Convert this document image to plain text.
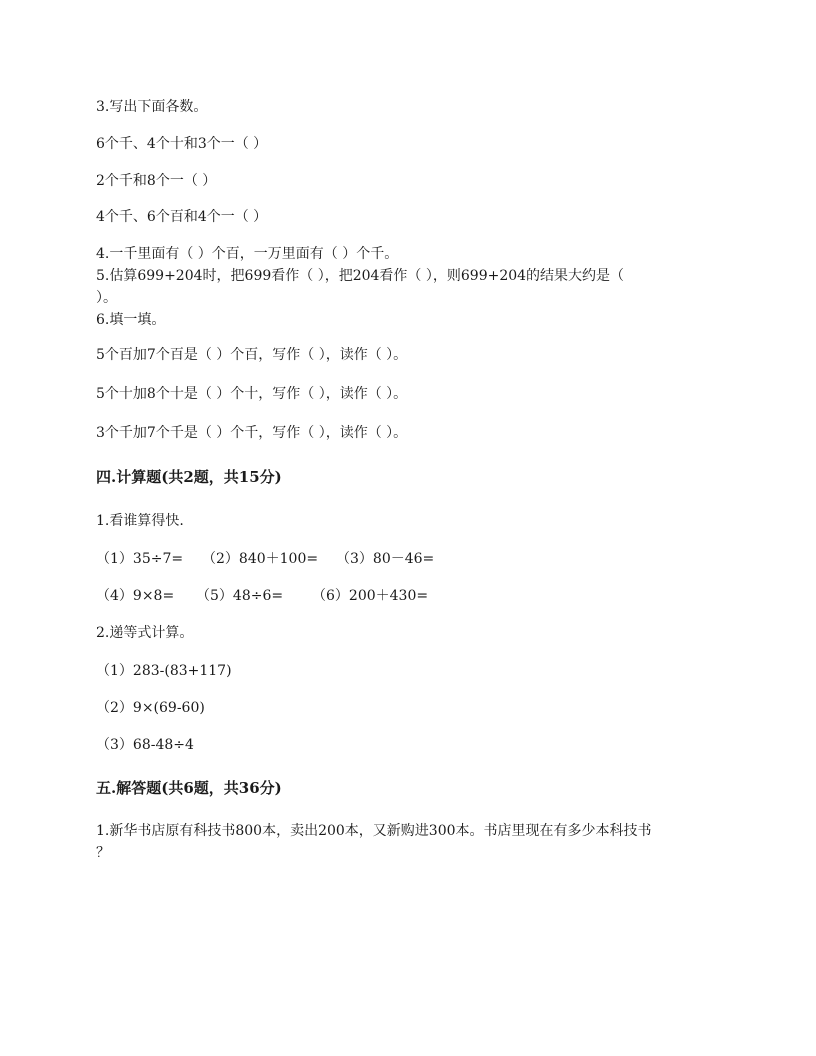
3.写出下面各数。
6个千、4个十和3个一（ ）
2个千和8个一（ ）
4个千、6个百和4个一（ ）
4.一千里面有（ ）个百，一万里面有（ ）个千。
5.估算699+204时，把699看作（ ），把204看作（ ），则699+204的结果大约是（
）。
6.填一填。
5个百加7个百是（ ）个百，写作（ ），读作（ ）。
5个十加8个十是（ ）个十，写作（ ），读作（ ）。
3个千加7个千是（ ）个千，写作（ ），读作（ ）。
四.计算题(共2题，共15分)
1.看谁算得快.
（1）35÷7= （2）840＋100= （3）80－46=
（4）9×8= （5）48÷6= （6）200＋430=
2.递等式计算。
（1）283-(83+117)
（2）9×(69-60)
（3）68-48÷4
五.解答题(共6题，共36分)
1.新华书店原有科技书800本，卖出200本，又新购进300本。书店里现在有多少本科技书
？
